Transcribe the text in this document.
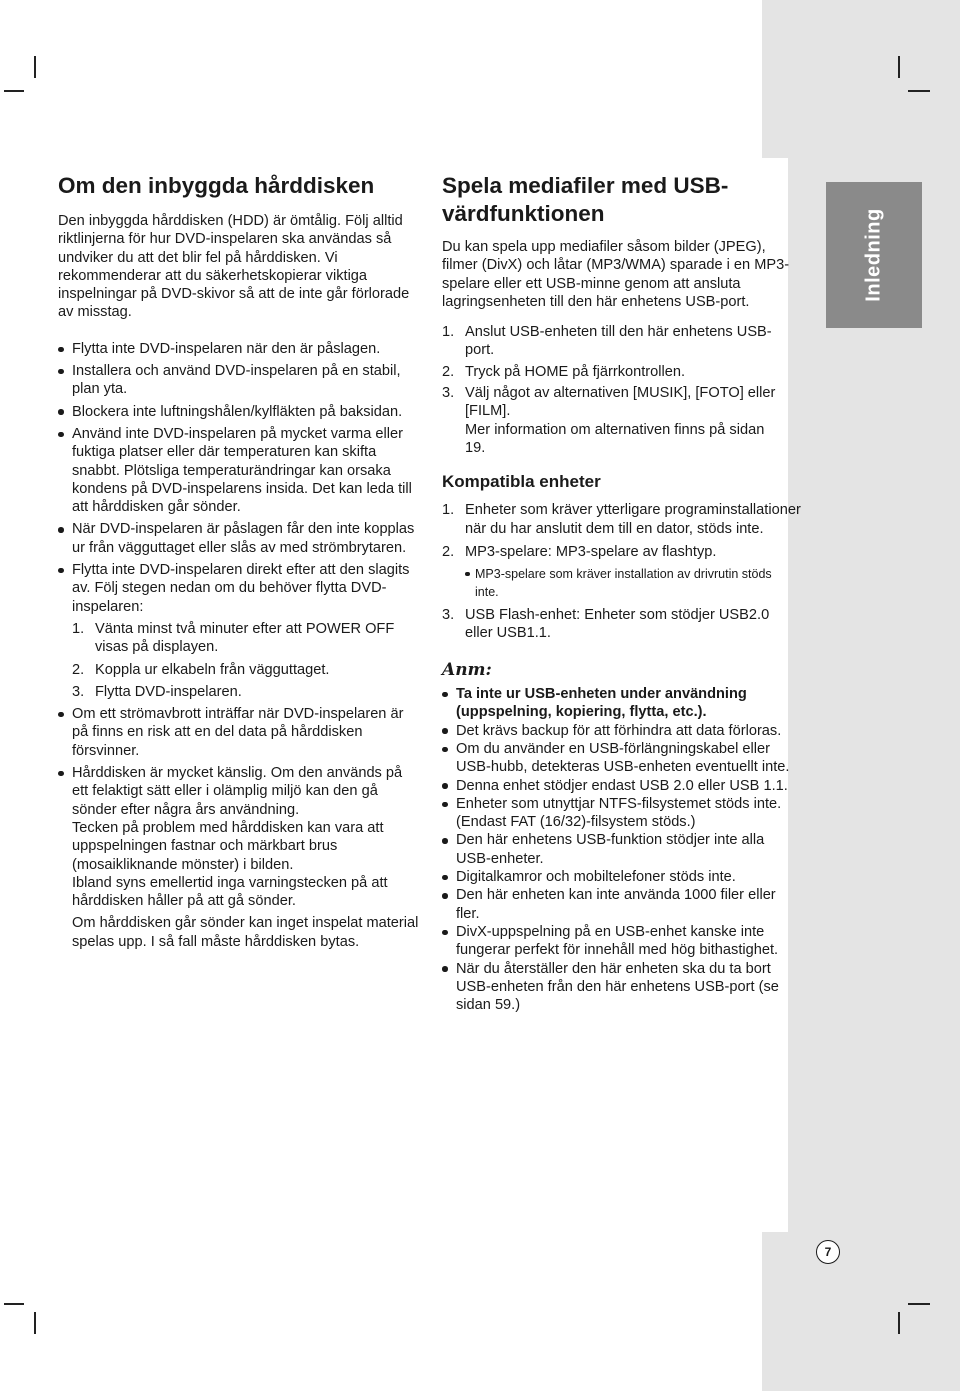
Inledning
Om den inbyggda hårddisken

Den inbyggda hårddisken (HDD) är ömtålig. Följ alltid riktlinjerna för hur DVD-inspelaren ska användas så undviker du att det blir fel på hårddisken. Vi rekommenderar att du säkerhetskopierar viktiga inspelningar på DVD-skivor så att de inte går förlorade av misstag.

Flytta inte DVD-inspelaren när den är påslagen.
Installera och använd DVD-inspelaren på en stabil, plan yta.
Blockera inte luftningshålen/kylfläkten på baksidan.
Använd inte DVD-inspelaren på mycket varma eller fuktiga platser eller där temperaturen kan skifta snabbt. Plötsliga temperaturändringar kan orsaka kondens på DVD-inspelarens insida. Det kan leda till att hårddisken går sönder.
När DVD-inspelaren är påslagen får den inte kopplas ur från vägguttaget eller slås av med strömbrytaren.
Flytta inte DVD-inspelaren direkt efter att den slagits av. Följ stegen nedan om du behöver flytta DVD-inspelaren:
1. Vänta minst två minuter efter att POWER OFF visas på displayen.
2. Koppla ur elkabeln från vägguttaget.
3. Flytta DVD-inspelaren.
Om ett strömavbrott inträffar när DVD-inspelaren är på finns en risk att en del data på hårddisken försvinner.
Hårddisken är mycket känslig. Om den används på ett felaktigt sätt eller i olämplig miljö kan den gå sönder efter några års användning.

Tecken på problem med hårddisken kan vara att uppspelningen fastnar och märkbart brus (mosaikliknande mönster) i bilden.

Ibland syns emellertid inga varningstecken på att hårddisken håller på att gå sönder.

Om hårddisken går sönder kan inget inspelat material spelas upp. I så fall måste hårddisken bytas.

Spela mediafiler med USB-värdfunktionen

Du kan spela upp mediafiler såsom bilder (JPEG), filmer (DivX) och låtar (MP3/WMA) sparade i en MP3-spelare eller ett USB-minne genom att ansluta lagringsenheten till den här enhetens USB-port.

1. Anslut USB-enheten till den här enhetens USB-port.
2. Tryck på HOME på fjärrkontrollen.
3. Välj något av alternativen [MUSIK], [FOTO] eller [FILM].

Mer information om alternativen finns på sidan 19.

Kompatibla enheter
1. Enheter som kräver ytterligare programinstallationer när du har anslutit dem till en dator, stöds inte.
2. MP3-spelare: MP3-spelare av flashtyp.

MP3-spelare som kräver installation av drivrutin stöds inte.

3. USB Flash-enhet: Enheter som stödjer USB2.0 eller USB1.1.

Anm:

Ta inte ur USB-enheten under användning (uppspelning, kopiering, flytta, etc.).
Det krävs backup för att förhindra att data förloras.
Om du använder en USB-förlängningskabel eller USB-hubb, detekteras USB-enheten eventuellt inte.
Denna enhet stödjer endast USB 2.0 eller USB 1.1.
Enheter som utnyttjar NTFS-filsystemet stöds inte. (Endast FAT (16/32)-filsystem stöds.)
Den här enhetens USB-funktion stödjer inte alla USB-enheter.
Digitalkamror och mobiltelefoner stöds inte.
Den här enheten kan inte använda 1000 filer eller fler.
DivX-uppspelning på en USB-enhet kanske inte fungerar perfekt för innehåll med hög bithastighet.
När du återställer den här enheten ska du ta bort USB-enheten från den här enhetens USB-port (se sidan 59.)
7
